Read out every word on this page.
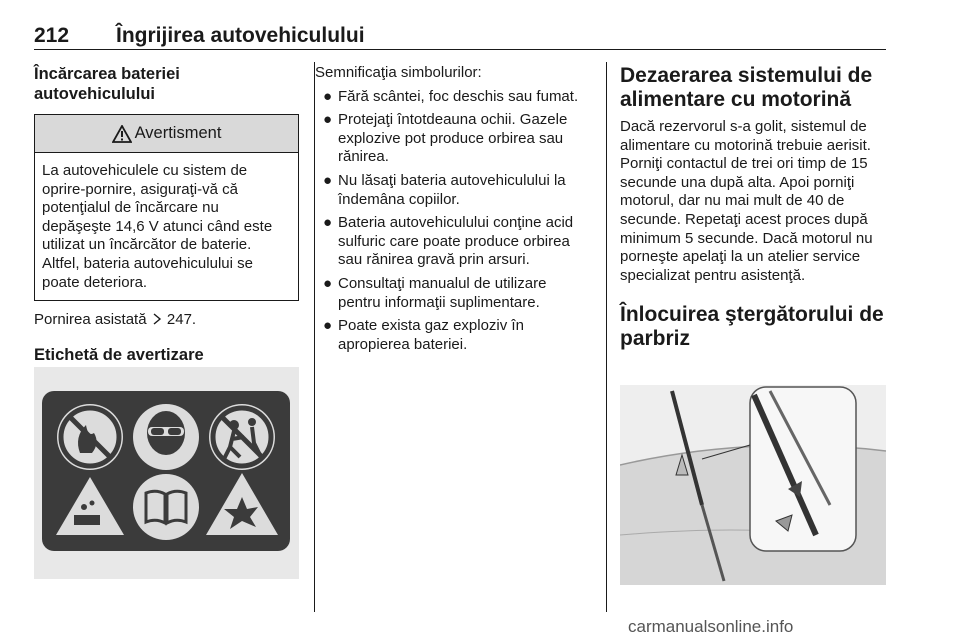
212 Îngrijirea autovehiculului
Încărcarea bateriei autovehiculului
Avertisment
La autovehiculele cu sistem de oprire-pornire, asiguraţi-vă că potenţialul de încărcare nu depăşeşte 14,6 V atunci când este utilizat un încărcător de baterie. Altfel, bateria autovehiculului se poate deteriora.
Pornirea asistată 247.
Etichetă de avertizare
Semnificaţia simbolurilor:
● Fără scântei, foc deschis sau fumat.
● Protejaţi întotdeauna ochii. Gazele explozive pot produce orbirea sau rănirea.
● Nu lăsaţi bateria autovehiculului la îndemâna copiilor.
● Bateria autovehiculului conţine acid sulfuric care poate produce orbirea sau rănirea gravă prin arsuri.
● Consultaţi manualul de utilizare pentru informaţii suplimentare.
● Poate exista gaz exploziv în apropierea bateriei.
Dezaerarea sistemului de alimentare cu motorină
Dacă rezervorul s-a golit, sistemul de alimentare cu motorină trebuie aerisit. Porniţi contactul de trei ori timp de 15 secunde una după alta. Apoi porniţi motorul, dar nu mai mult de 40 de secunde. Repetaţi acest proces după minimum 5 secunde. Dacă motorul nu porneşte apelaţi la un atelier service specializat pentru asistenţă.
Înlocuirea ştergătorului de parbriz
carmanualsonline.info
